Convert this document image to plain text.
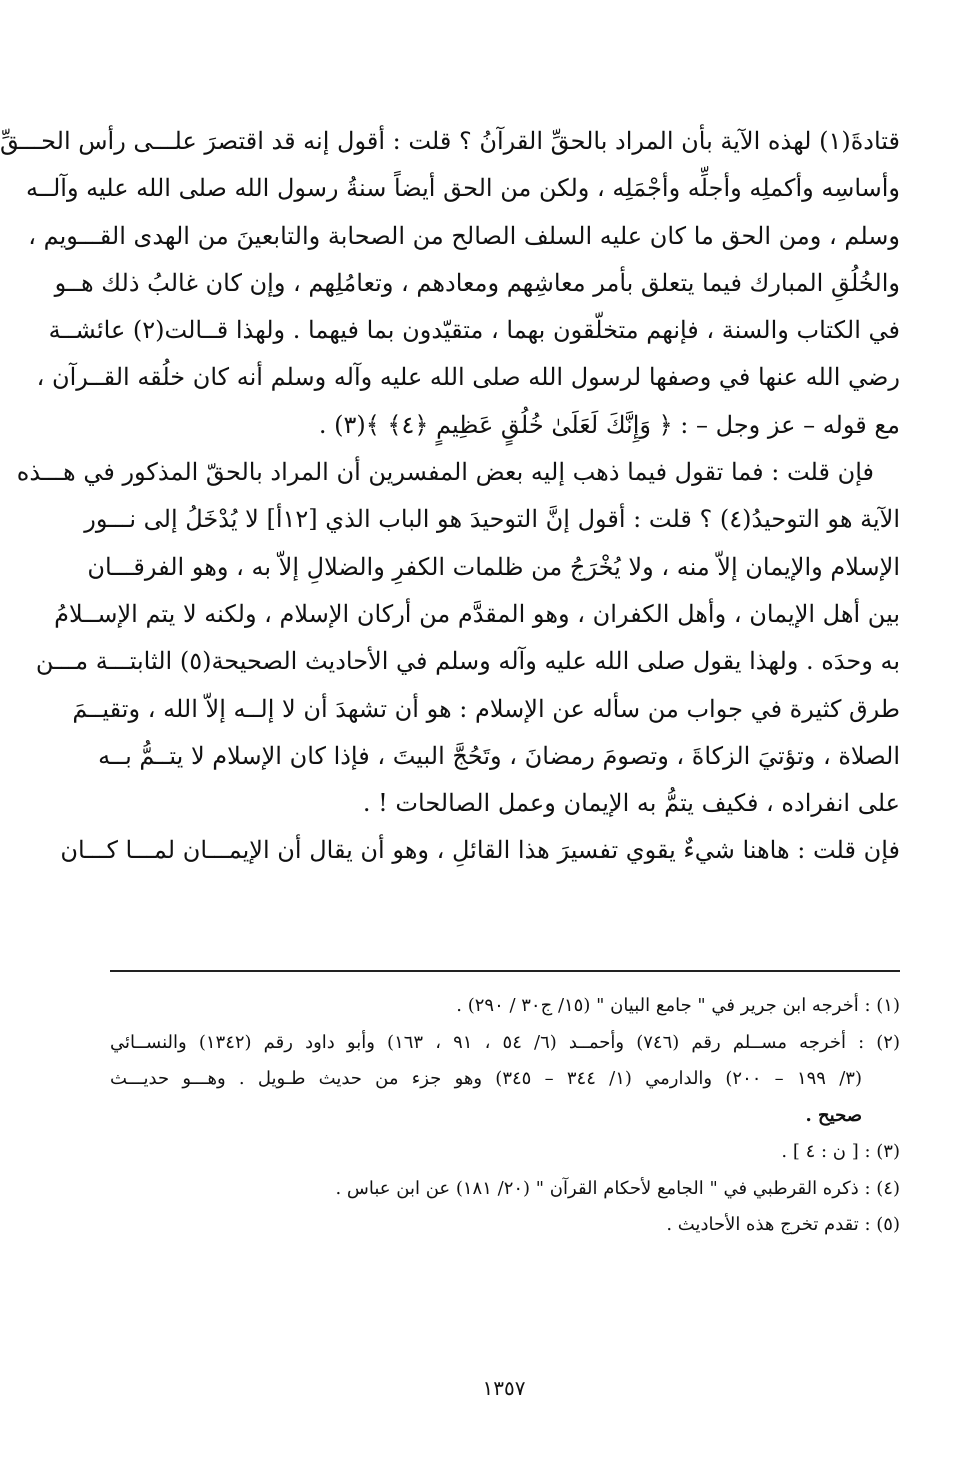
قتادةَ(١) لهذه الآية بأن المراد بالحقِّ القرآنُ ؟ قلت : أقول إنه قد اقتصرَ علـــى رأس الحـــقِّ
وأساسِه وأكملِه وأجلِّه وأجْمَلِه ، ولكن من الحق أيضاً سنةُ رسول الله صلى الله عليه وآلــه
وسلم ، ومن الحق ما كان عليه السلف الصالح من الصحابة والتابعينَ من الهدى القـــويم ،
والخُلُقِ المبارك فيما يتعلق بأمر معاشِهم ومعادهم ، وتعامُلِهم ، وإن كان غالبُ ذلك هــو
في الكتاب والسنة ، فإنهم متخلّقون بهما ، متقيّدون بما فيهما . ولهذا قــالت(٢) عائشــة
رضي الله عنها في وصفها لرسول الله صلى الله عليه وآله وسلم أنه كان خلُقه القــرآن ،
مع قوله – عز وجل – : ﴿ وَإِنَّكَ لَعَلَىٰ خُلُقٍ عَظِيمٍ ﴿٤﴾ ﴾(٣) .
فإن قلت : فما تقول فيما ذهب إليه بعض المفسرين أن المراد بالحقّ المذكور في هـــذه
الآية هو التوحيدُ(٤) ؟ قلت : أقول إنَّ التوحيدَ هو الباب الذي [١٢أ] لا يُدْخَلُ إلى نـــور
الإسلام والإيمان إلاّ منه ، ولا يُخْرَجُ من ظلمات الكفرِ والضلالِ إلاّ به ، وهو الفرقـــان
بين أهل الإيمان ، وأهل الكفران ، وهو المقدَّم من أركان الإسلام ، ولكنه لا يتم الإســلامُ
به وحدَه . ولهذا يقول صلى الله عليه وآله وسلم في الأحاديث الصحيحة(٥) الثابتـــة مـــن
طرق كثيرة في جواب من سأله عن الإسلام : هو أن تشهدَ أن لا إلــه إلاّ الله ، وتقيــمَ
الصلاة ، وتؤتيَ الزكاةَ ، وتصومَ رمضانَ ، وتَحُجَّ البيتَ ، فإذا كان الإسلام لا يتــمُّ بــه
على انفراده ، فكيف يتمُّ به الإيمان وعمل الصالحات ! .
فإن قلت : هاهنا شيءٌ يقوي تفسيرَ هذا القائلِ ، وهو أن يقال أن الإيمـــان لمـــا كـــان
(١) : أخرجه ابن جرير في " جامع البيان " (١٥/ ج٣٠ / ٢٩٠) .
(٢) : أخرجه مســلم رقم (٧٤٦) وأحمــد (٦/ ٥٤ ، ٩١ ، ١٦٣) وأبو داود رقم (١٣٤٢) والنســائي
(٣/ ١٩٩ – ٢٠٠) والدارمي (١/ ٣٤٤ – ٣٤٥) وهو جزء من حديث طـويل . وهـــو حديـــث
صحيح .
(٣) : [ ن : ٤ ] .
(٤) : ذكره القرطبي في " الجامع لأحكام القرآن " (٢٠/ ١٨١) عن ابن عباس .
(٥) : تقدم تخرج هذه الأحاديث .
١٣٥٧
